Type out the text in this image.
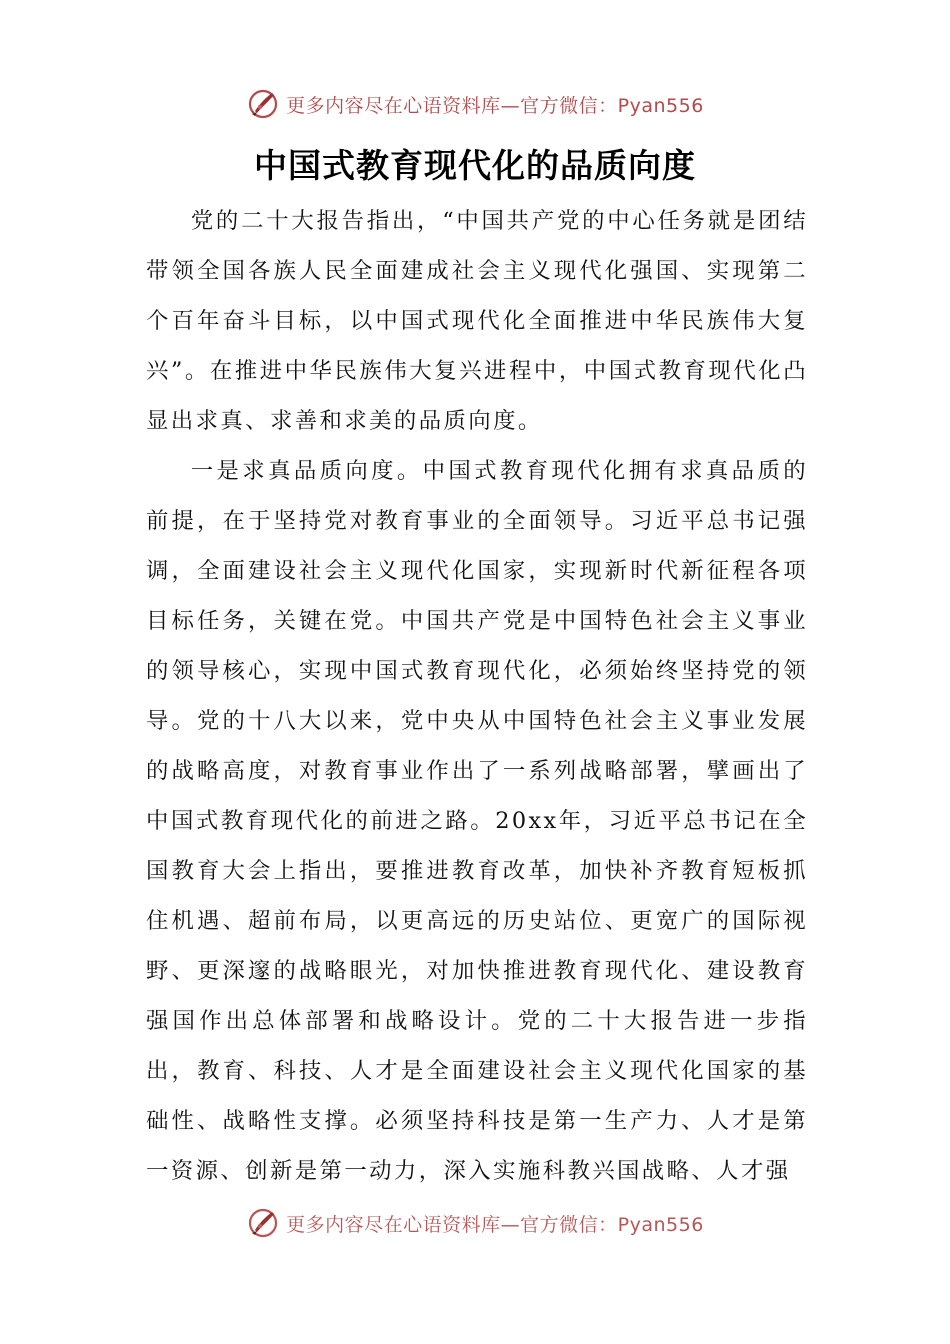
更多内容尽在心语资料库—官方微信：Pyan556
中国式教育现代化的品质向度

党的二十大报告指出，“中国共产党的中心任务就是团结带领全国各族人民全面建成社会主义现代化强国、实现第二个百年奋斗目标，以中国式现代化全面推进中华民族伟大复兴”。在推进中华民族伟大复兴进程中，中国式教育现代化凸显出求真、求善和求美的品质向度。

一是求真品质向度。中国式教育现代化拥有求真品质的前提，在于坚持党对教育事业的全面领导。习近平总书记强调，全面建设社会主义现代化国家，实现新时代新征程各项目标任务，关键在党。中国共产党是中国特色社会主义事业的领导核心，实现中国式教育现代化，必须始终坚持党的领导。党的十八大以来，党中央从中国特色社会主义事业发展的战略高度，对教育事业作出了一系列战略部署，擘画出了中国式教育现代化的前进之路。20xx年，习近平总书记在全国教育大会上指出，要推进教育改革，加快补齐教育短板抓住机遇、超前布局，以更高远的历史站位、更宽广的国际视野、更深邃的战略眼光，对加快推进教育现代化、建设教育强国作出总体部署和战略设计。党的二十大报告进一步指出，教育、科技、人才是全面建设社会主义现代化国家的基础性、战略性支撑。必须坚持科技是第一生产力、人才是第一资源、创新是第一动力，深入实施科教兴国战略、人才强

更多内容尽在心语资料库—官方微信：Pyan556
